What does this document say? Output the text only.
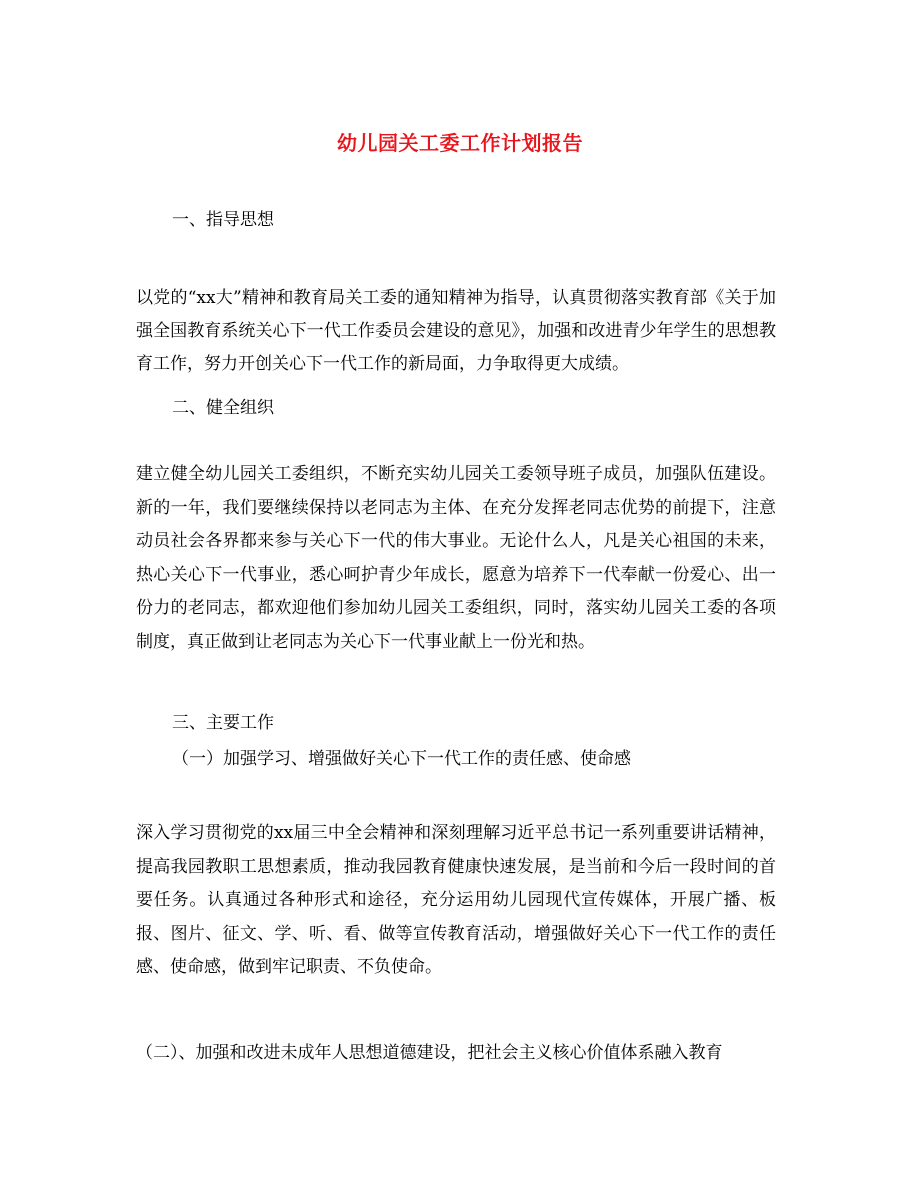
幼儿园关工委工作计划报告
一、指导思想
以党的“xx大”精神和教育局关工委的通知精神为指导，认真贯彻落实教育部《关于加强全国教育系统关心下一代工作委员会建设的意见》，加强和改进青少年学生的思想教育工作，努力开创关心下一代工作的新局面，力争取得更大成绩。
二、健全组织
建立健全幼儿园关工委组织，不断充实幼儿园关工委领导班子成员，加强队伍建设。新的一年，我们要继续保持以老同志为主体、在充分发挥老同志优势的前提下，注意动员社会各界都来参与关心下一代的伟大事业。无论什么人，凡是关心祖国的未来，热心关心下一代事业，悉心呵护青少年成长，愿意为培养下一代奉献一份爱心、出一份力的老同志，都欢迎他们参加幼儿园关工委组织，同时，落实幼儿园关工委的各项制度，真正做到让老同志为关心下一代事业献上一份光和热。
三、主要工作
（一）加强学习、增强做好关心下一代工作的责任感、使命感
深入学习贯彻党的xx届三中全会精神和深刻理解习近平总书记一系列重要讲话精神，提高我园教职工思想素质，推动我园教育健康快速发展，是当前和今后一段时间的首要任务。认真通过各种形式和途径，充分运用幼儿园现代宣传媒体，开展广播、板报、图片、征文、学、听、看、做等宣传教育活动，增强做好关心下一代工作的责任感、使命感，做到牢记职责、不负使命。
（二）、加强和改进未成年人思想道德建设，把社会主义核心价值体系融入教育
